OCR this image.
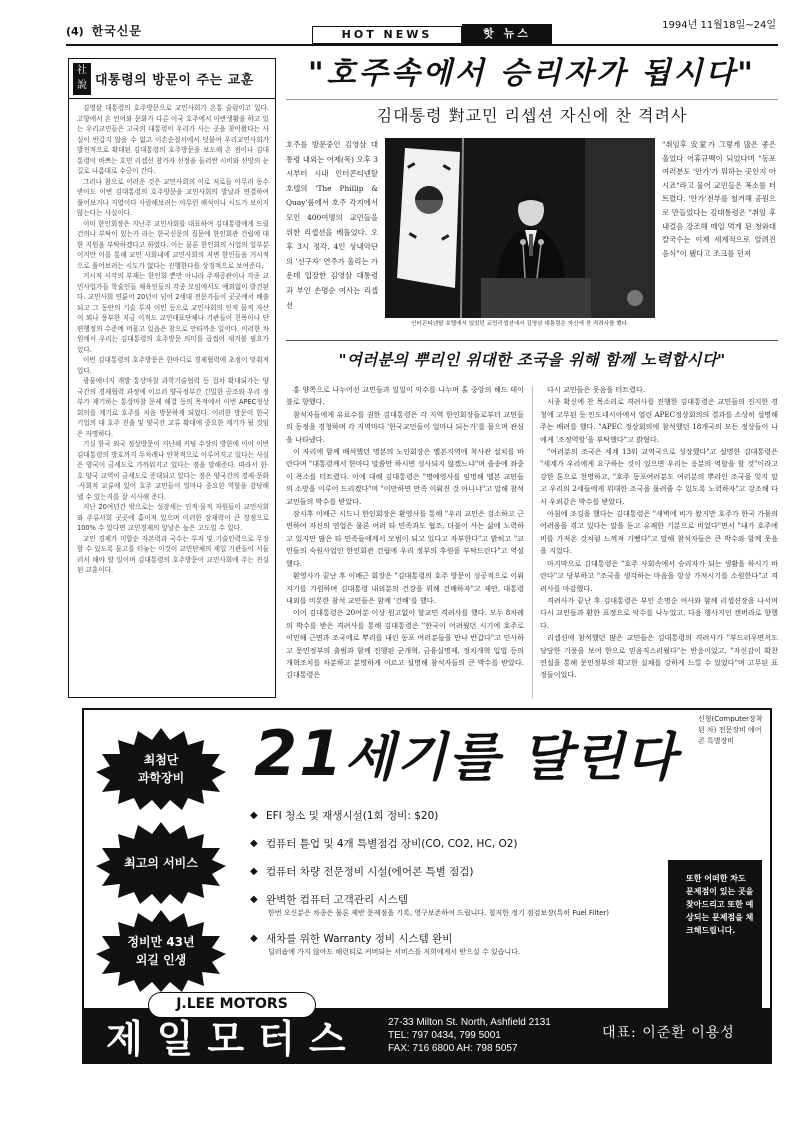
(4) 한국신문	HOT NEWS	핫 뉴스
1994년 11월18일~24일
社說 대통령의 방문이 주는 교훈

김영삼 대통령의 호주방문으로 교민사회가 온통 술렁이고 있다. 고향에서 온 언어와 문화가 다른 이국 호주에서 아반생활을 하고 있는 우리교민들은 고국의 대통령이 우리가 사는 곳을 찾아왔다는 사실이 반갑지 않을 수 없고 이손순절서에서 덧붙여 우리교민사회가 발전적으로 확대된 김대통령의 호주방문을 보도해 온 점이나 김대통령이 바쁘는 호민 리셉선 참가자 선정을 둘러싼 시비와 선망의 눈길로 나름대로 수긍이 간다.

그러나 참으로 이러운 것은 교민사회의 이로 저로들 아무리 동수받아도 이번 김대통령의 호주방문을 교민사회의 발날과 연결하여 풀어보거나 지엽이다 사람해보려는 아무런 해석이나 시도가 보이지 않는다는 사실이다.

이미 한인회장은 지난주 교민사회를 대표하여 김대통령에게 드릴 건의나 부탁이 있는가 라는 한국신문의 질문에 한인회관 건립에 대한 지원을 부탁하겠다고 하였다. 이는 물론 한인회의 사업의 일부분이지만 이를 통해 교민 사회내에 교민사회의 저변 한인들을 거시적으로 풀어보려는 시도가 없다는 진행한다를 상징적으로 보여준다.

거시적 시각의 부재는 한인회 뿐만 아니라 주재공관이나 각종 교민사업가들 학술인들 체육인들의 각종 모임에서도 예외없이 발견된다. 교민사회 연륜이 20년이 넘어 2세대 전문가들이 곳곳에서 배출되고 그 동안의 기술 투자 이민 등으로 교민사회의 인적 물적 자산이 꾀나 풍부한 지금 이적도 교민대표단체나 기관들이 친목이나 단편행정의 수준에 머물고 있음은 참으로 안타까운 일이다. 이러한 차원에서 우리는 김대통령의 호주방문 의미를 곱씹어 새겨볼 필요가 있다.

이번 김대통령의 호주방문은 한마디로 경제협력에 초점이 맞춰져있다.

광물에너지 개발 통상마찰 과학기술협력 등 접차 확대되가는 양국간의 경제협력 과정에 이르러 양국정부간 긴밀한 공조와 우리 정부가 제기하는 통상마찰 문제 해결 등의 목적에서 이번 APEC정상회의를 계기로 호주를 처음 방문하게 되었다. 이러한 방문이 한국 기업의 대 호주 진출 및 양국간 교류 확대에 중요한 계기가 될 것임은 자명하다.

기실 한국 외국 정상방문이 지난해 키팅 수상의 방한에 이어 이번 김대통령의 방호까지 두차례나 안착적으로 이루어지고 있다는 사실은 양국이 금세도로 가까워지고 있다는 점을 말해준다. 따라서 한·호 양국 교역이 금세도로 증대되고 있다는 점은 양국간의 경제·문화·사회적 교류에 있어 호주 교민들이 얼마나 중요한 역할을 감당해 낼 수 있는지를 잘 시사해 준다.

지난 20여년간 밖으로는 성장세는 인적·물적 자원들이 교민사회와 주류사회 곳곳에 흩어져 있으며 이러한 잠재력이 큰 장점으로 100% 수 있다면 교민경제의 앞날은 높은 고도일 수 있다.

교민 경제가 미합순 자본력과 국수는 투자 및 기술인력으로 무장할 수 있도록 물고를 터놓는 이것이 교민단체의 제일 기관들이 서둘러서 해야 할 일이며 김대통령의 호주방문이 교민사회에 주는 진실된 교훈이다.

"호주속에서 승리자가 됩시다"
김대통령 對교민 리셉션 자신에 찬 격려사
호주를 방문중인 김영삼 대통령 내외는 어제(목) 오후 3시부터 시내 인터콘티넨탈 호텔의 'The Phillip & Quay'룸에서 호주 각지에서 모인 400여명의 교민들을 위한 리셉션을 베풀었다. 오후 3시 정각, 4인 상내악단의 '선구자' 연주가 울리는 가운데 입장한 김영삼 대통령과 부인 손명순 여사는 리셉션
인터콘티넨탈 호텔에서 있었던 교민리셉션에서 김영삼 대통령은 자신에 찬 격려사를 했다.
"취임후 安家가 그렇게 많은 좋은 울었다 어휴규백이 되었다며 "동포 여러분도 '안가'가 뭐하는 곳인지 아시죠"라고 물어 교민들은 폭소를 터트렸다. '안가'전부를 철거해 공원으로 만들었다는 김대통령은 "취임 후 내걸음 강조해 매일 먹게 된 청와대 칼국수는 이제 세계적으로 알려진 음식"이 됐다고 조크를 던져
"여러분의 뿌리인 위대한 조국을 위해 함께 노력합시다"

홍 양쪽으로 나누어선 교민들과 일일이 악수를 나누며 홀 중앙의 헤드 테이블로 향했다.

참석자들에게 유료수를 권한 김대통령은 각 지역 한인회장들로부터 교민들의 동정을 경청하며 각 지역마다 '한국교민들이 얼마나 되는가'를 물으며 관심을 나타냈다.

이 자리에 함께 배석했던 명본의 노인회장은 멜본지역에 척사관 설치를 바란다며 "대통령께서 한마디 말씀만 하시면 성사되지 않겠느냐"며 즐송에 좌중이 폭소를 터트렸다. 이에 대해 김대통령은 "명예영사를 임명해 멜본 교민들의 소망을 이루어 드리겠다"며 "이만하면 만족 이뤄진 것 아니냐"고 말해 참석 교민들의 박수를 받았다.

잠시후 이배근 시드니 한인회장은 환영사를 통해 "우리 교민은 검소하고 근면하여 자신의 연업은 물론 여러 타 민족과도 협조, 더불어 사는 삶에 노력하고 있지만 많은 타 민족들에게서 모범이 되고 있다고 자부한다"고 밝히고 "교민들의 숙원사업인 한인회관 건립에 우리 정부의 후원을 부탁드린다"고 역설했다.

환영사가 끝난 후 이배근 회장은 "김대통령의 호주 방문이 성공적으로 이뤄지기를 기원하며 김대통령 내외분의 건강을 위해 건배하자"고 제안, 대통령 내외를 비롯한 참석 교민들은 함께 '건배'를 했다.

이어 김대통령은 20여분 이상 원고없이 할교민 격려사를 했다. 모두 8차례의 박수를 받은 격려사를 통해 김대통령은 "한국이 어려웠던 시기에 호주로 이민해 근면과 조국에로 뿌리를 내린 동포 여러분들을 만나 반갑다"고 인사하고 문민정부의 출범과 함께 진행된 군개혁, 금융실명제, 정치개혁 입법 등의 개혁조치를 차분하고 분명하게 이르고 설명해 참석자들의 큰 박수를 받았다. 김대통령은

다시 교민들은 웃음을 터트렸다.

시종 확신에 찬 목소리로 격려사를 진행한 김대통령은 교민들의 진지한 경청에 고무된 듯 인도네시아에서 열린 APEC정상회의의 결과를 소상히 설명해주는 배려를 했다. "APEC 정상회의에 참석했던 18개국의 모든 정상들이 나에게 '조정역할'을 부탁했다"고 밝혔다.

"여러분의 조국은 세계 13위 교역국으로 성장했다"고 설명한 김대통령은 "세계가 우리에게 요구하는 것이 있으면 우리는 응분의 역할을 할 것"이라고 강한 톤으로 천명하고, "호주 동포여러분도 여러분의 뿌리인 조국을 잊지 말고 우리의 2세들에게 위대한 조국을 물려줄 수 있도록 노력하자"고 강조해 다시 우뢰같은 박수를 받았다.

아침에 조깅을 했다는 김대통령은 "새벽에 비가 왔지만 호주가 한국 가뭄의 어려움을 겪고 있다는 말을 듣고 유쾌한 기분으로 비었다"면서 "내가 호주에 비를 가져온 것처럼 느껴져 기뻤다"고 말해 참석자들은 큰 박수와 함께 웃음을 지었다.

마지막으로 김대통령은 "호주 사회속에서 승리자가 되는 생활을 하시기 바란다"고 당부하고 "조국을 생각하는 마음을 항상 가져시기를 소원한다"고 격려사를 마감했다.

격려사가 끝난 후 김대통령은 부인 손명순 여사와 함께 리셉션장을 나서며 다시 교민들과 환한 표정으로 악수를 나누었고, 다음 행사지인 캔버라로 향했다.

리셉션에 참석했던 많은 교민들은 김대통령의 격려사가 "부드러우면서도 당당한 기풍을 보여 한으로 믿음직스러웠다"는 반응이었고, "자신감이 확찬 연설을 통해 문민정부의 확고한 실체를 강하게 느낄 수 있었다"며 고무된 표정들이었다.

최첨단
과학장비
최고의 서비스
정비만 43년
외길 인생
21세기를 달린다
신형(Computer장착된 차) 전문장비 에어콘 특별장비
◆ EFI 청소 및 재생시설(1회 정비: $20)
◆ 컴퓨터 튠업 및 4개 특별점검 장비(CO, CO2, HC, O2)
◆ 컴퓨터 차량 전문정비 시설(에어콘 특별 점검)
◆ 완벽한 컴퓨터 고객관리 시스템
한번 오신분은 차종은 물론 제반 문제점을 기록, 영구보존하여 드립니다. 철저한 정기 점검보장(특히 Fuel Filter)
◆ 새차를 위한 Warranty 정비 시스템 완비
딜러숍에 가지 않아도 해런티로 커버되는 서비스를 저희에게서 받으실 수 있습니다.
또한 어떠한 차도 문제점이 있는 곳을 찾아드리고 또한 예상되는 문제점을 체크해드립니다.
J.LEE MOTORS
제일모터스	27-33 Milton St. North, Ashfield 2131
TEL: 797 0434, 799 5001
FAX: 716 6800 AH: 798 5057
대표: 이준환 이용성
